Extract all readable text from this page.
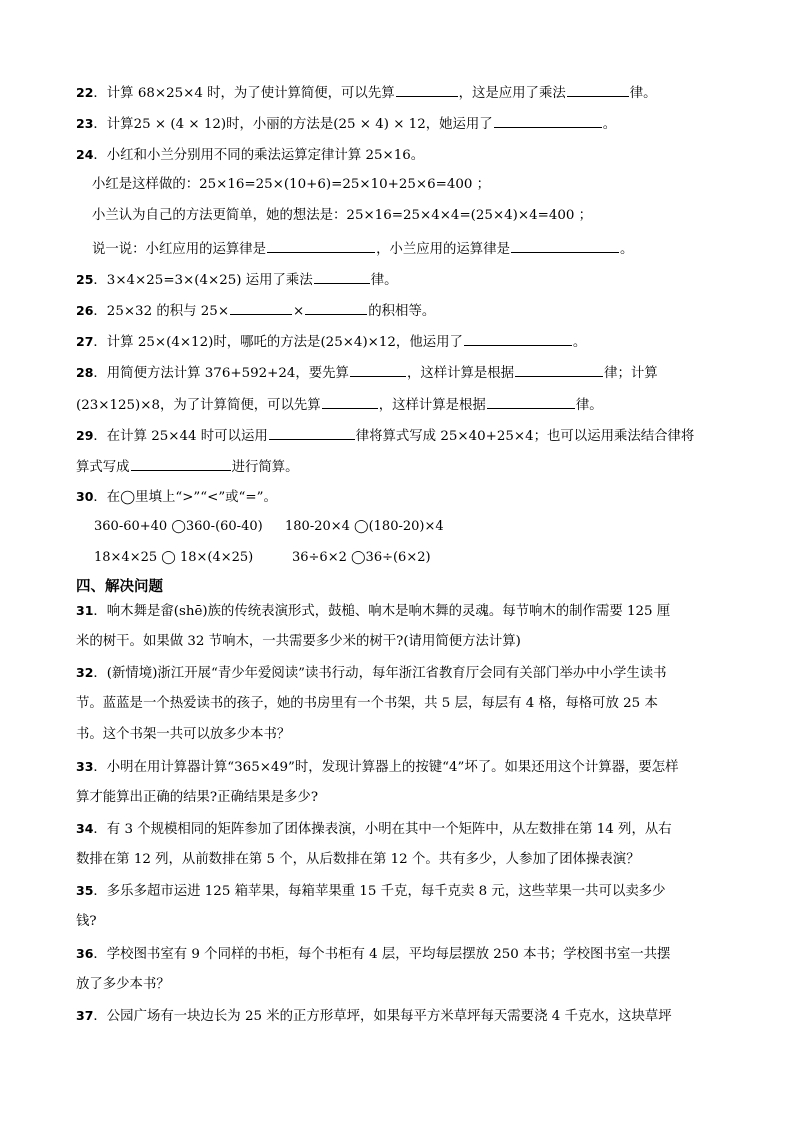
22．计算 68×25×4 时，为了使计算简便，可以先算	，这是应用了乘法	律。
23．计算25 × (4 × 12)时，小丽的方法是(25 × 4) × 12，她运用了	。
24．小红和小兰分别用不同的乘法运算定律计算 25×16。
小红是这样做的：25×16=25×(10+6)=25×10+25×6=400 ；
小兰认为自己的方法更简单，她的想法是：25×16=25×4×4=(25×4)×4=400 ；
说一说：小红应用的运算律是	，小兰应用的运算律是	。
25．3×4×25=3×(4×25) 运用了乘法	律。
26．25×32 的积与 25×	×	的积相等。
27．计算 25×(4×12)时，哪吒的方法是(25×4)×12，他运用了	。
28．用简便方法计算 376+592+24，要先算	，这样计算是根据	律；计算
(23×125)×8，为了计算简便，可以先算	，这样计算是根据	律。
29．在计算 25×44 时可以运用	律将算式写成 25×40+25×4；也可以运用乘法结合律将
算式写成	进行简算。
30．在◯里填上“>”“<”或“=”。
360-60+40 ◯360-(60-40) 180-20×4 ◯(180-20)×4
18×4×25 ◯ 18×(4×25)	36÷6×2 ◯36÷(6×2)
四、解决问题
31．响木舞是畲(shē)族的传统表演形式，鼓槌、响木是响木舞的灵魂。每节响木的制作需要 125 厘
米的树干。如果做 32 节响木，一共需要多少米的树干?(请用简便方法计算)
32．(新情境)浙江开展“青少年爱阅读”读书行动，每年浙江省教育厅会同有关部门举办中小学生读书
节。蓝蓝是一个热爱读书的孩子，她的书房里有一个书架，共 5 层，每层有 4 格，每格可放 25 本
书。这个书架一共可以放多少本书？
33．小明在用计算器计算“365×49”时，发现计算器上的按键“4”坏了。如果还用这个计算器，要怎样
算才能算出正确的结果?正确结果是多少?
34．有 3 个规模相同的矩阵参加了团体操表演，小明在其中一个矩阵中，从左数排在第 14 列，从右
数排在第 12 列，从前数排在第 5 个，从后数排在第 12 个。共有多少，人参加了团体操表演？
35．多乐多超市运进 125 箱苹果，每箱苹果重 15 千克，每千克卖 8 元，这些苹果一共可以卖多少
钱?
36．学校图书室有 9 个同样的书柜，每个书柜有 4 层，平均每层摆放 250 本书；学校图书室一共摆
放了多少本书？
37．公园广场有一块边长为 25 米的正方形草坪，如果每平方米草坪每天需要浇 4 千克水，这块草坪
